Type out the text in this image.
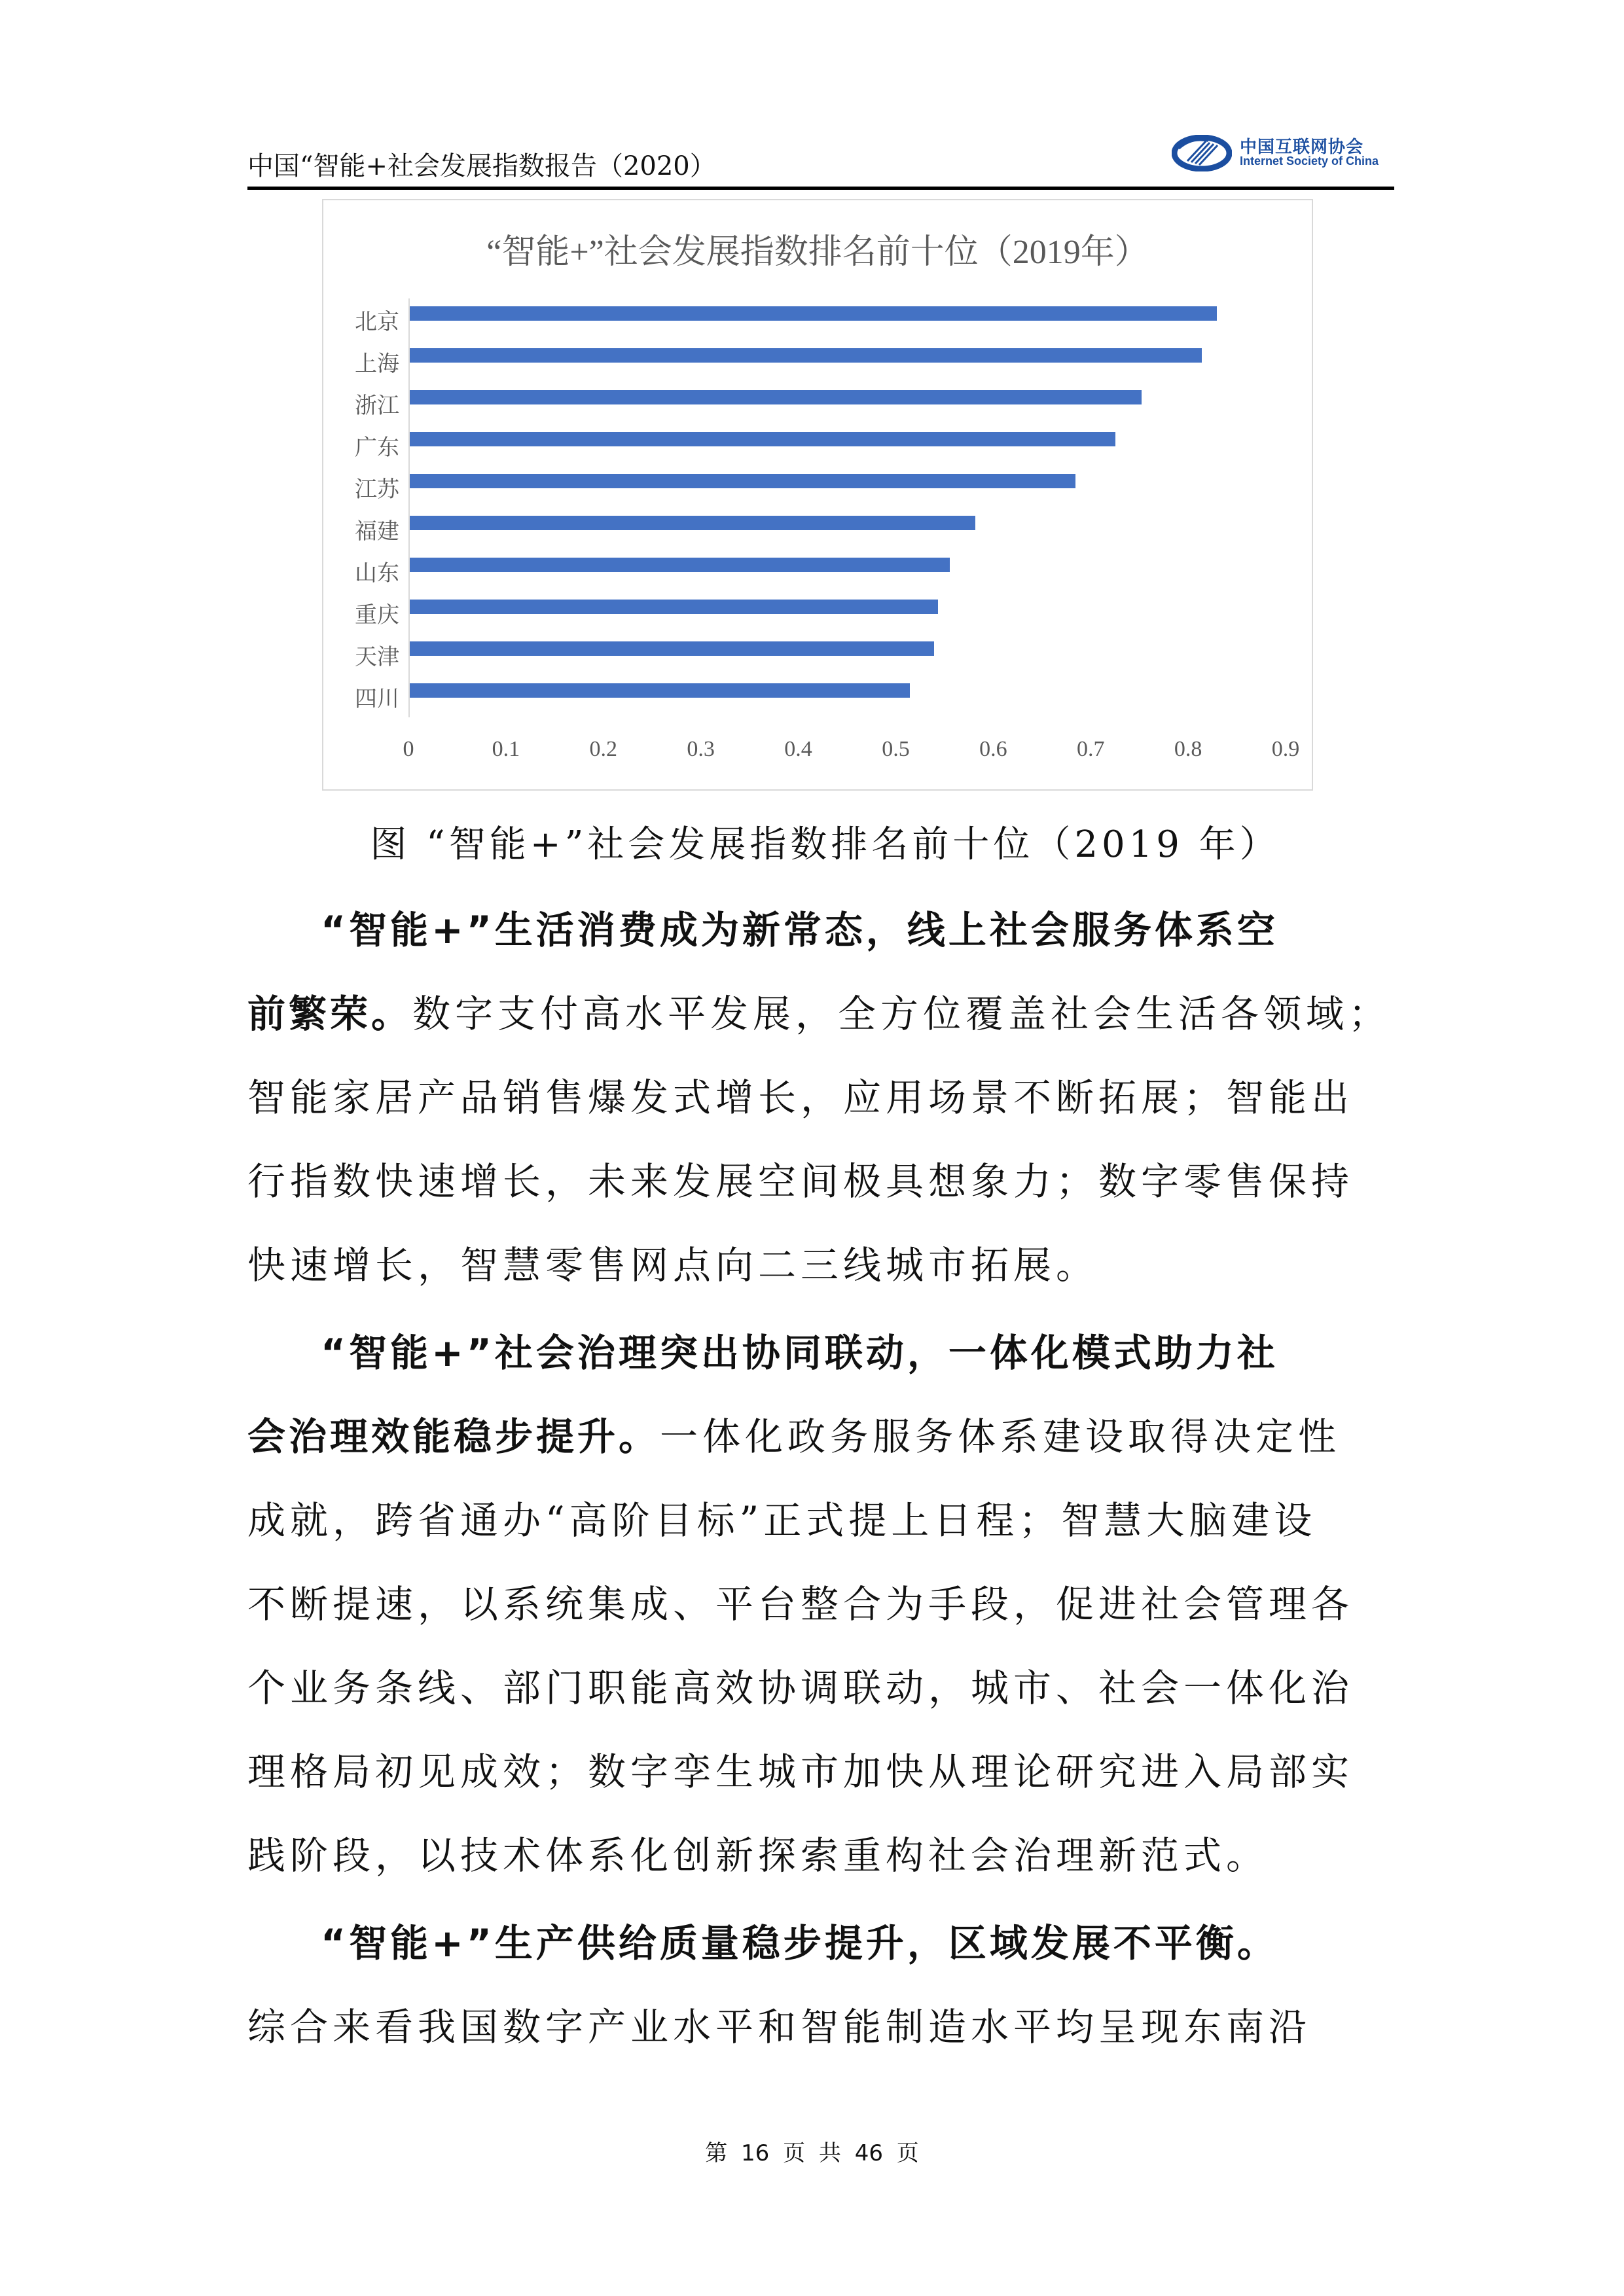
中国“智能+社会发展指数报告（2020）
中国互联网协会
Internet Society of China
“智能+”社会发展指数排名前十位（2019年）
北京
上海
浙江
广东
江苏
福建
山东
重庆
天津
四川
0	0.1	0.2	0.3	0.4	0.5	0.6	0.7	0.8	0.9
图 “智能+”社会发展指数排名前十位（2019 年）
“智能+”生活消费成为新常态，线上社会服务体系空
前繁荣。数字支付高水平发展，全方位覆盖社会生活各领域；
智能家居产品销售爆发式增长，应用场景不断拓展；智能出
行指数快速增长，未来发展空间极具想象力；数字零售保持
快速增长，智慧零售网点向二三线城市拓展。
“智能+”社会治理突出协同联动，一体化模式助力社
会治理效能稳步提升。一体化政务服务体系建设取得决定性
成就，跨省通办“高阶目标”正式提上日程；智慧大脑建设
不断提速，以系统集成、平台整合为手段，促进社会管理各
个业务条线、部门职能高效协调联动，城市、社会一体化治
理格局初见成效；数字孪生城市加快从理论研究进入局部实
践阶段，以技术体系化创新探索重构社会治理新范式。
“智能+”生产供给质量稳步提升，区域发展不平衡。
综合来看我国数字产业水平和智能制造水平均呈现东南沿
第 16 页 共 46 页
